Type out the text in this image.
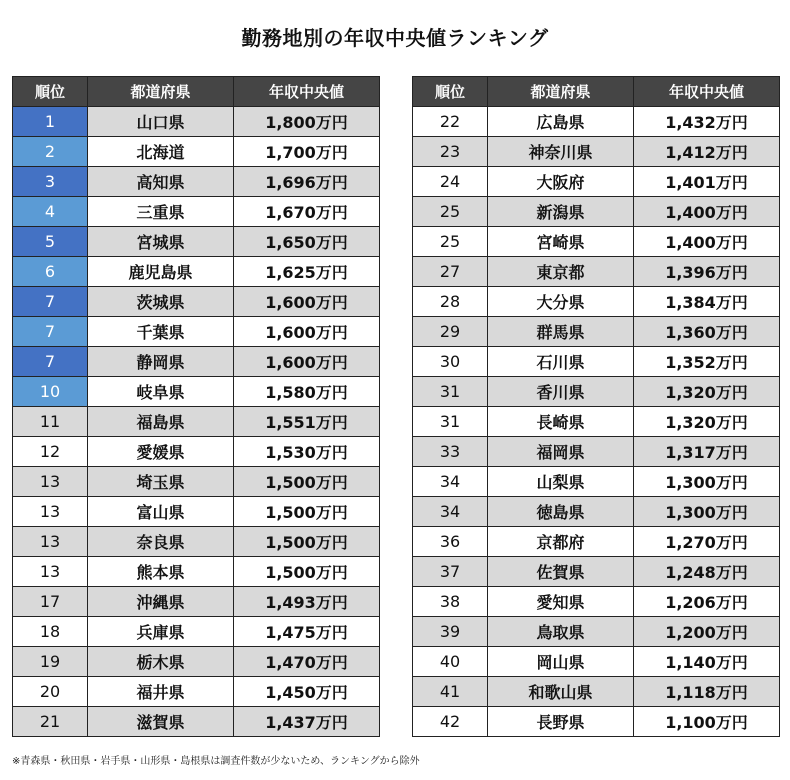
勤務地別の年収中央値ランキング
順位	都道府県	年収中央値
1	山口県	1,800万円
2	北海道	1,700万円
3	高知県	1,696万円
4	三重県	1,670万円
5	宮城県	1,650万円
6	鹿児島県	1,625万円
7	茨城県	1,600万円
7	千葉県	1,600万円
7	静岡県	1,600万円
10	岐阜県	1,580万円
11	福島県	1,551万円
12	愛媛県	1,530万円
13	埼玉県	1,500万円
13	富山県	1,500万円
13	奈良県	1,500万円
13	熊本県	1,500万円
17	沖縄県	1,493万円
18	兵庫県	1,475万円
19	栃木県	1,470万円
20	福井県	1,450万円
21	滋賀県	1,437万円
順位	都道府県	年収中央値
22	広島県	1,432万円
23	神奈川県	1,412万円
24	大阪府	1,401万円
25	新潟県	1,400万円
25	宮崎県	1,400万円
27	東京都	1,396万円
28	大分県	1,384万円
29	群馬県	1,360万円
30	石川県	1,352万円
31	香川県	1,320万円
31	長崎県	1,320万円
33	福岡県	1,317万円
34	山梨県	1,300万円
34	徳島県	1,300万円
36	京都府	1,270万円
37	佐賀県	1,248万円
38	愛知県	1,206万円
39	鳥取県	1,200万円
40	岡山県	1,140万円
41	和歌山県	1,118万円
42	長野県	1,100万円
※青森県・秋田県・岩手県・山形県・島根県は調査件数が少ないため、ランキングから除外
